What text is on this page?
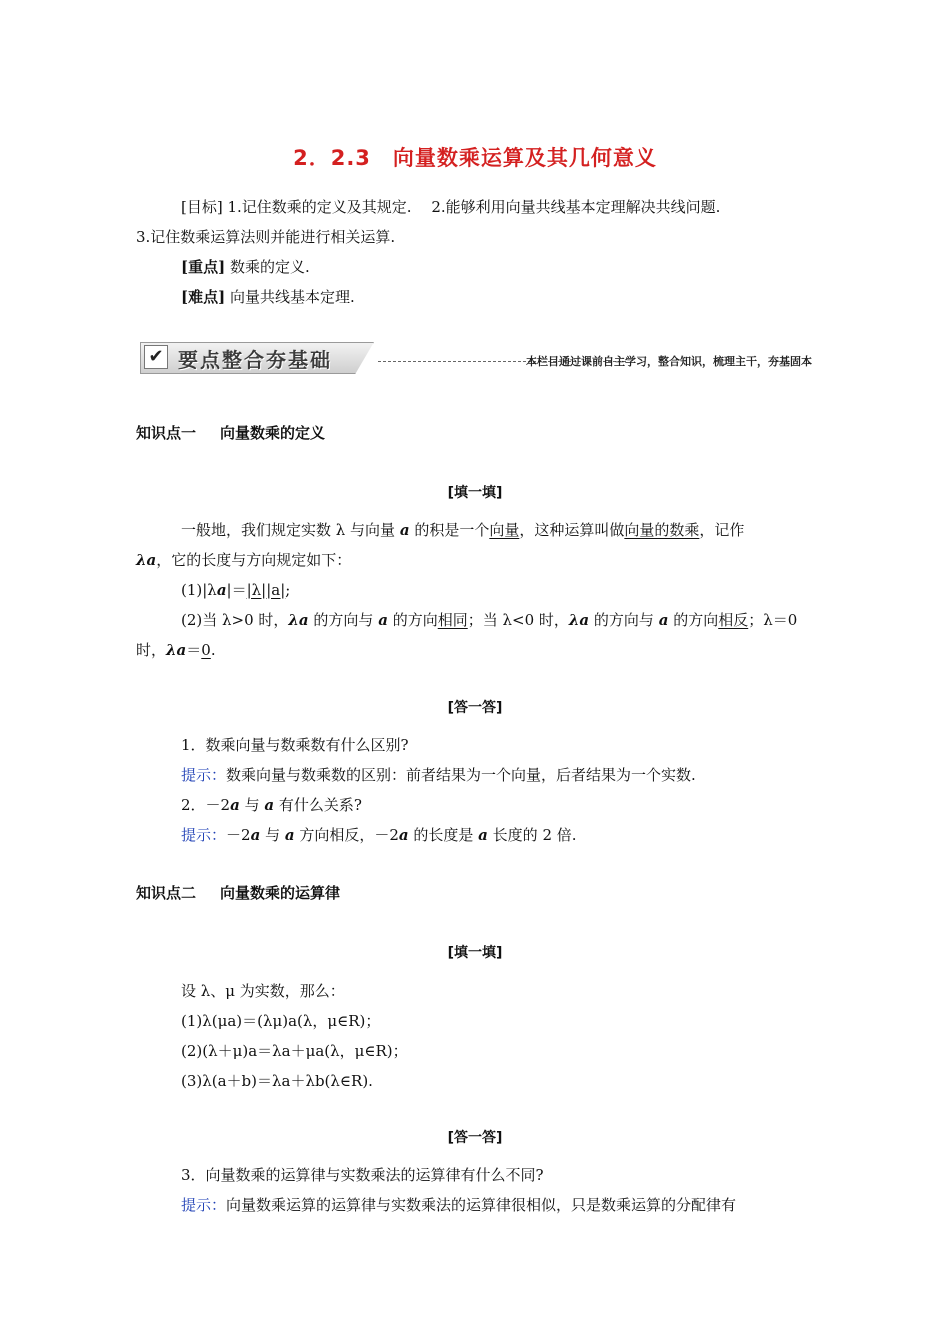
2．2.3　向量数乘运算及其几何意义
[目标] 1.记住数乘的定义及其规定.　 2.能够利用向量共线基本定理解决共线问题.
3.记住数乘运算法则并能进行相关运算.
[重点] 数乘的定义.
[难点] 向量共线基本定理.
✔ 要点整合夯基础	本栏目通过课前自主学习，整合知识，梳理主干，夯基固本
知识点一 向量数乘的定义
[填一填]
一般地，我们规定实数 λ 与向量 a 的积是一个向量，这种运算叫做向量的数乘，记作
λa，它的长度与方向规定如下：
(1)|λa|＝|λ||a|;
(2)当 λ>0 时，λa 的方向与 a 的方向相同；当 λ<0 时，λa 的方向与 a 的方向相反；λ＝0
时，λa＝0.
[答一答]
1．数乘向量与数乘数有什么区别?
提示：数乘向量与数乘数的区别：前者结果为一个向量，后者结果为一个实数.
2．－2a 与 a 有什么关系?
提示：－2a 与 a 方向相反，－2a 的长度是 a 长度的 2 倍.
知识点二 向量数乘的运算律
[填一填]
设 λ、μ 为实数，那么：
(1)λ(μa)＝(λμ)a(λ，μ∈R)；
(2)(λ＋μ)a＝λa＋μa(λ，μ∈R)；
(3)λ(a＋b)＝λa＋λb(λ∈R).
[答一答]
3．向量数乘的运算律与实数乘法的运算律有什么不同?
提示：向量数乘运算的运算律与实数乘法的运算律很相似，只是数乘运算的分配律有
